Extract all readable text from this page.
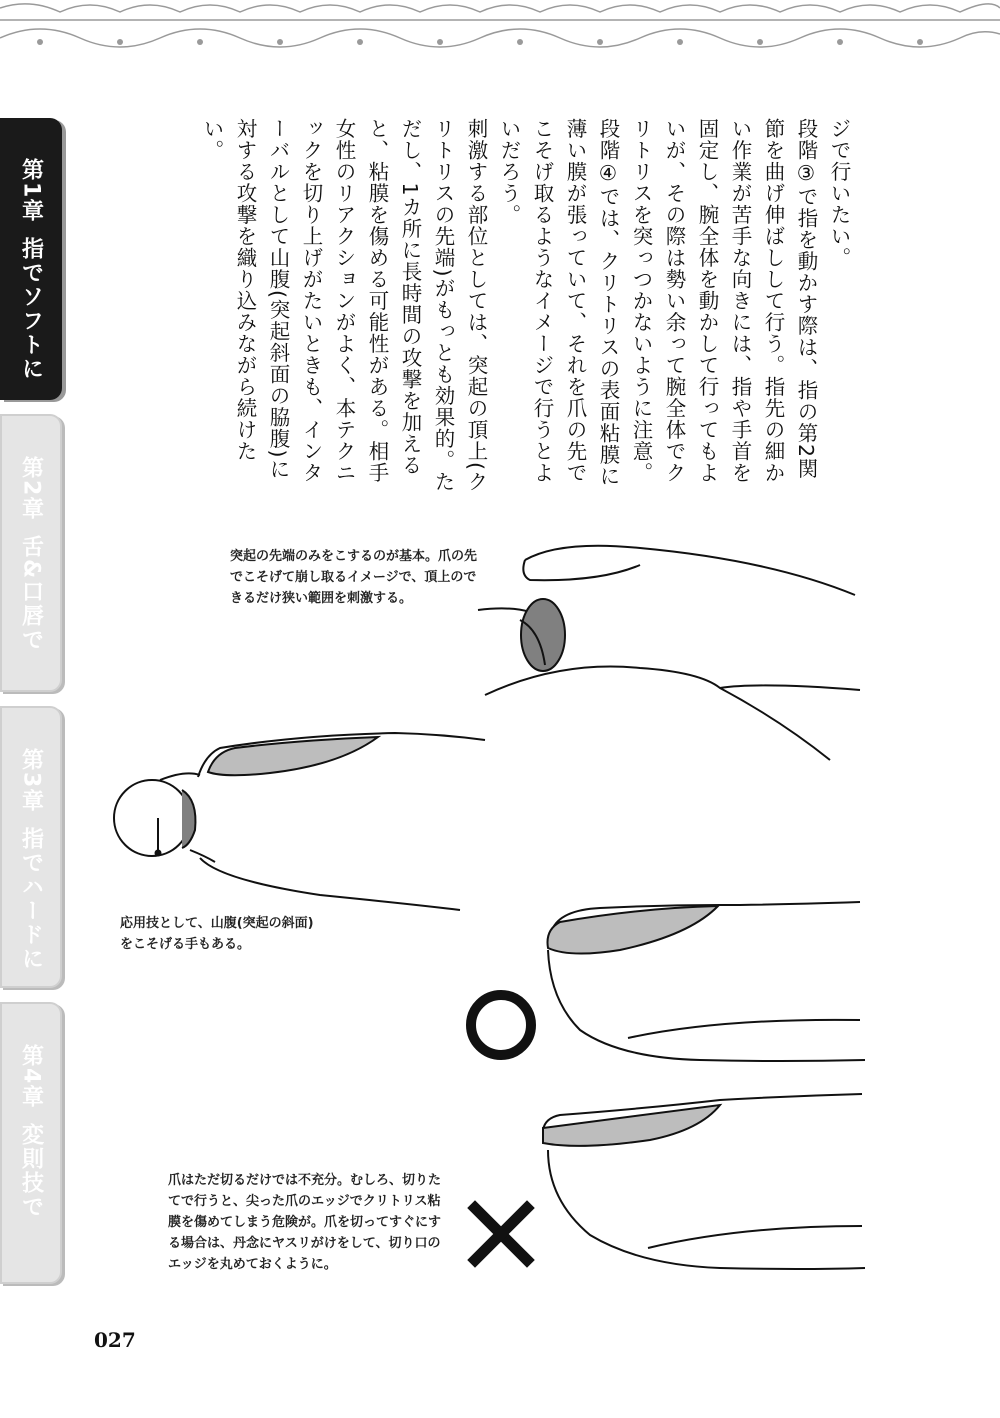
第1章
指でソフトに
第2章
舌&口唇で
第3章
指でハードに
第4章
変則技で

ジで行いたい。

段階③で指を動かす際は、指の第2関節を曲げ伸ばしして行う。指先の細かい作業が苦手な向きには、指や手首を固定し、腕全体を動かして行ってもよいが、その際は勢い余って腕全体でクリトリスを突っつかないように注意。

段階④では、クリトリスの表面粘膜に薄い膜が張っていて、それを爪の先でこそげ取るようなイメージで行うとよいだろう。

刺激する部位としては、突起の頂上(クリトリスの先端)がもっとも効果的。ただし、1カ所に長時間の攻撃を加えると、粘膜を傷める可能性がある。相手女性のリアクションがよく、本テクニックを切り上げがたいときも、インターバルとして山腹(突起斜面の脇腹)に対する攻撃を織り込みながら続けたい。

突起の先端のみをこするのが基本。爪の先でこそげて崩し取るイメージで、頂上のできるだけ狭い範囲を刺激する。
応用技として、山腹(突起の斜面)をこそげる手もある。
爪はただ切るだけでは不充分。むしろ、切りたてで行うと、尖った爪のエッジでクリトリス粘膜を傷めてしまう危険が。爪を切ってすぐにする場合は、丹念にヤスリがけをして、切り口のエッジを丸めておくように。
027
